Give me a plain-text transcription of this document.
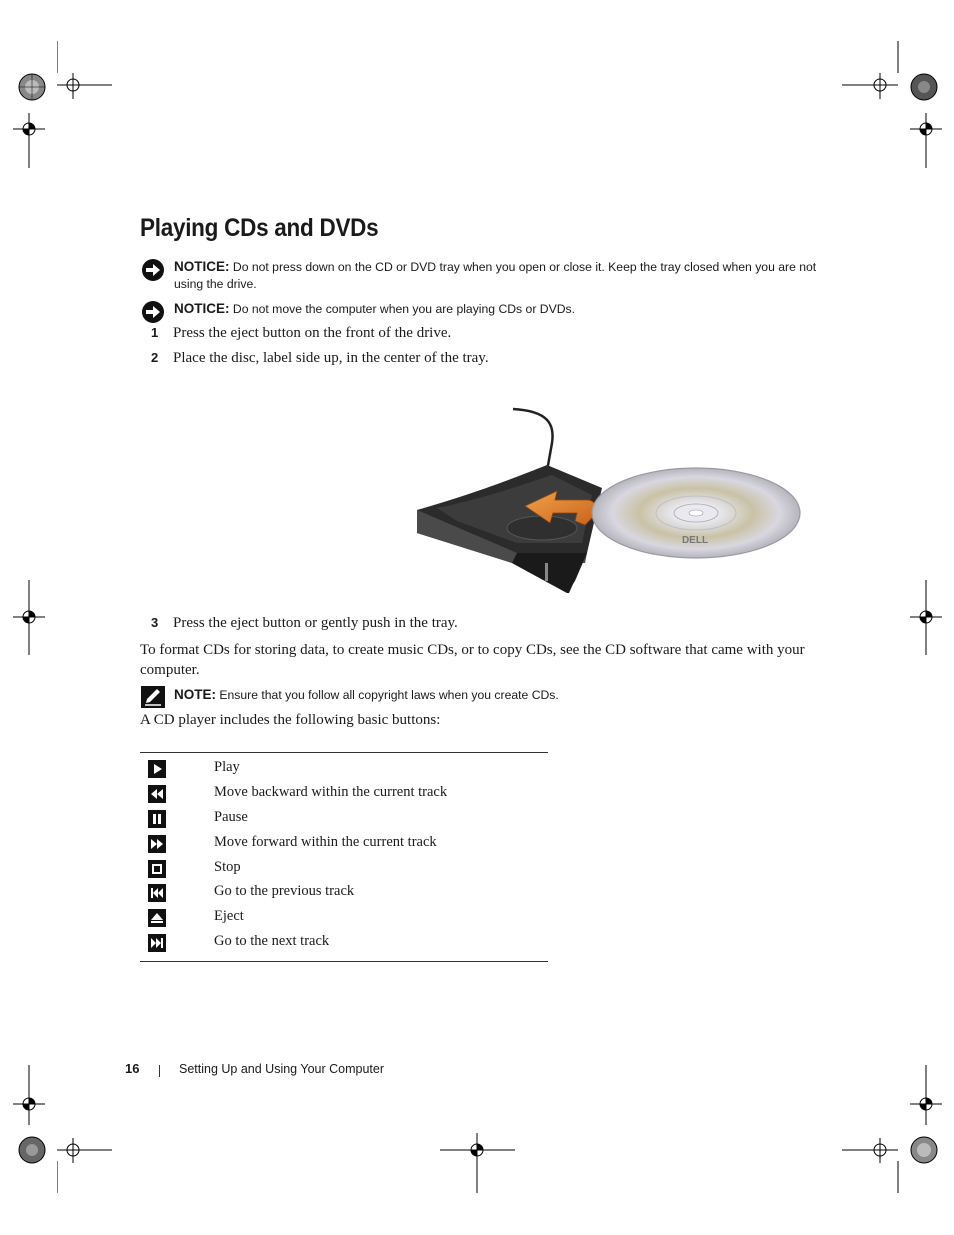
Playing CDs and DVDs
NOTICE: Do not press down on the CD or DVD tray when you open or close it. Keep the tray closed when you are not using the drive.
NOTICE: Do not move the computer when you are playing CDs or DVDs.
1 Press the eject button on the front of the drive.
2 Place the disc, label side up, in the center of the tray.
DELL
3 Press the eject button or gently push in the tray.

To format CDs for storing data, to create music CDs, or to copy CDs, see the CD software that came with your computer.

NOTE: Ensure that you follow all copyright laws when you create CDs.

A CD player includes the following basic buttons:

Play
Move backward within the current track
Pause
Move forward within the current track
Stop
Go to the previous track
Eject
Go to the next track
16	Setting Up and Using Your Computer
